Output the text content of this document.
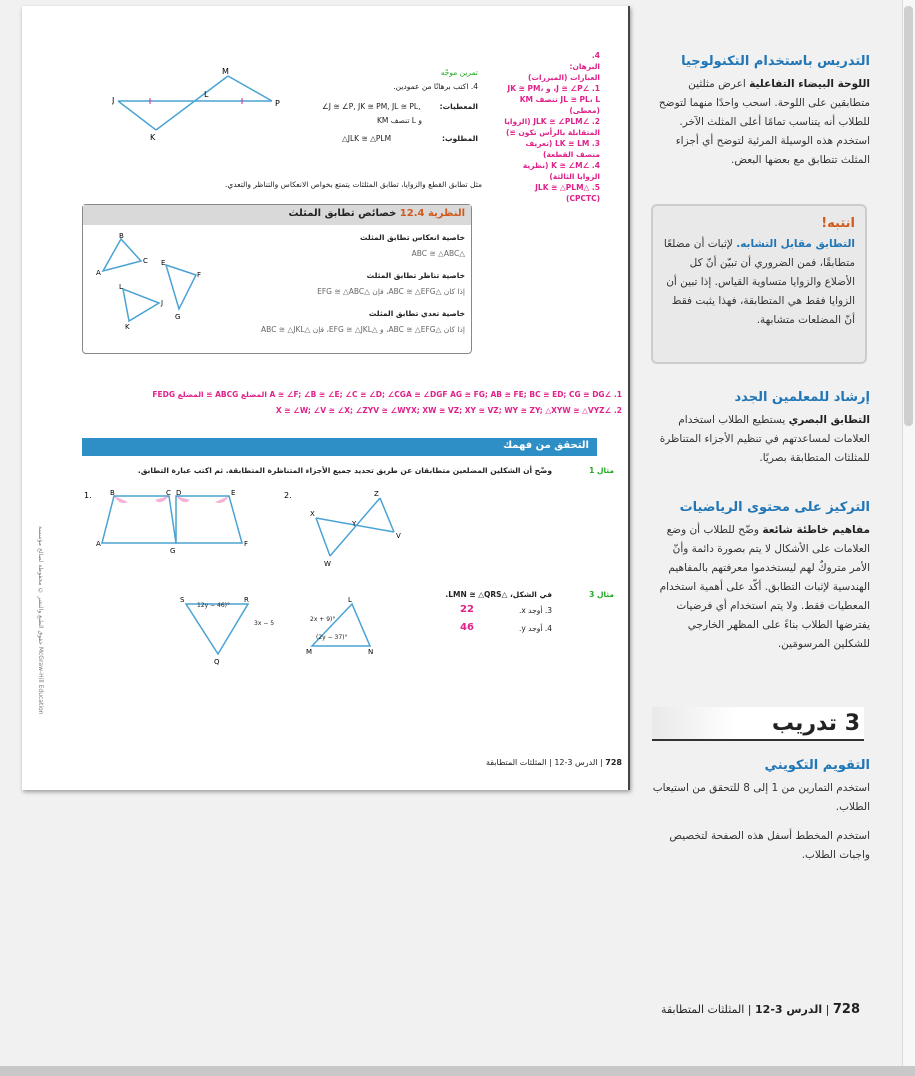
J
K
L
M
P
تمرين موجّه
4. اكتب برهانًا من عمودين.
المعطيات:
∠J ≅ ∠P, JK ≅ PM, JL ≅ PL,
و L تنصف KM
المطلوب:
△JLK ≅ △PLM
4.
البرهان:
العبارات (المبررات)
1. ∠J ≅ ∠P، و JK ≅ PM، JL ≅ PL، L تنصف KM (معطى)
2. ∠JLK ≅ ∠PLM (الزوايا المتقابلة بالرأس تكون ≅)
3. LK ≅ LM (تعريف منصف القطعة)
4. ∠K ≅ ∠M (نظرية الزوايا الثالثة)
5. △JLK ≅ △PLM (CPCTC)
مثل تطابق القطع والزوايا، تطابق المثلثات يتمتع بخواص الانعكاس والتناظر والتعدي.
النظرية 12.4 خصائص تطابق المثلث
B
A
C E
F
G
L
K
J
خاصية انعكاس تطابق المثلث
△ABC ≅ △ABC
خاصية تناظر تطابق المثلث
إذا كان △ABC ≅ △EFG، فإن △EFG ≅ △ABC
خاصية تعدي تطابق المثلث
إذا كان △ABC ≅ △EFG، و △EFG ≅ △JKL، فإن △ABC ≅ △JKL
1. ∠A ≅ ∠F; ∠B ≅ ∠E; ∠C ≅ ∠D; ∠CGA ≅ ∠DGF AG ≅ FG; AB ≅ FE; BC ≅ ED; CG ≅ DG المضلع ABCG ≅ المضلع FEDG
2. ∠X ≅ ∠W; ∠V ≅ ∠X; ∠ZYV ≅ ∠WYX; XW ≅ VZ; XY ≅ VZ; WY ≅ ZY; △XYW ≅ △VYZ
التحقق من فهمك
مثال 1
وضّح أن الشكلين المضلعين متطابقان عن طريق تحديد جميع الأجزاء المتناظرة المتطابقة. ثم اكتب عبارة التطابق.
1.	2.
B	C D	E
A
G
F
X
Z
Y
V
W
مثال 3
في الشكل، △LMN ≅ △QRS.
3. أوجد x.
22
4. أوجد y.
46
S	R
Q
L
M	N
12y − 46)°
3x − 5
2x + 9)°
(2y − 37)°
حقوق الطبع والنشر © محفوظة لصالح مؤسسة McGraw-Hill Education
728 | الدرس 3-12 | المثلثات المتطابقة
التدريس باستخدام التكنولوجيا
اللوحة البيضاء التفاعلية اعرض مثلثين متطابقين على اللوحة. اسحب واحدًا منهما لتوضح للطلاب أنه يتناسب تمامًا أعلى المثلث الآخر. استخدم هذه الوسيلة المرئية لتوضح أي أجزاء المثلث تتطابق مع بعضها البعض.
انتبه!
التطابق مقابل التشابه. لإثبات أن مضلعًا متطابقًا، فمن الضروري أن تبيّن أنّ كل الأضلاع والزوايا متساوية القياس. إذا تبين أن الزوايا فقط هي المتطابقة، فهذا يثبت فقط أنّ المضلعات متشابهة.
إرشاد للمعلمين الجدد
التطابق البصري يستطيع الطلاب استخدام العلامات لمساعدتهم في تنظيم الأجزاء المتناظرة للمثلثات المتطابقة بصريًا.
التركيز على محتوى الرياضيات
مفاهيم خاطئة شائعة وضّح للطلاب أن وضع العلامات على الأشكال لا يتم بصورة دائمة وأنّ الأمر متروكٌ لهم ليستخدموا معرفتهم بالمفاهيم الهندسية لإثبات التطابق. أكّد على أهمية استخدام المعطيات فقط. ولا يتم استخدام أي فرضيات يفترضها الطلاب بناءً على المظهر الخارجي للشكلين المرسومَين.
3 تدريب
التقويم التكويني
استخدم التمارين من 1 إلى 8 للتحقق من استيعاب الطلاب.
استخدم المخطط أسفل هذه الصفحة لتخصيص واجبات الطلاب.
728 | الدرس 3-12 | المثلثات المتطابقة
